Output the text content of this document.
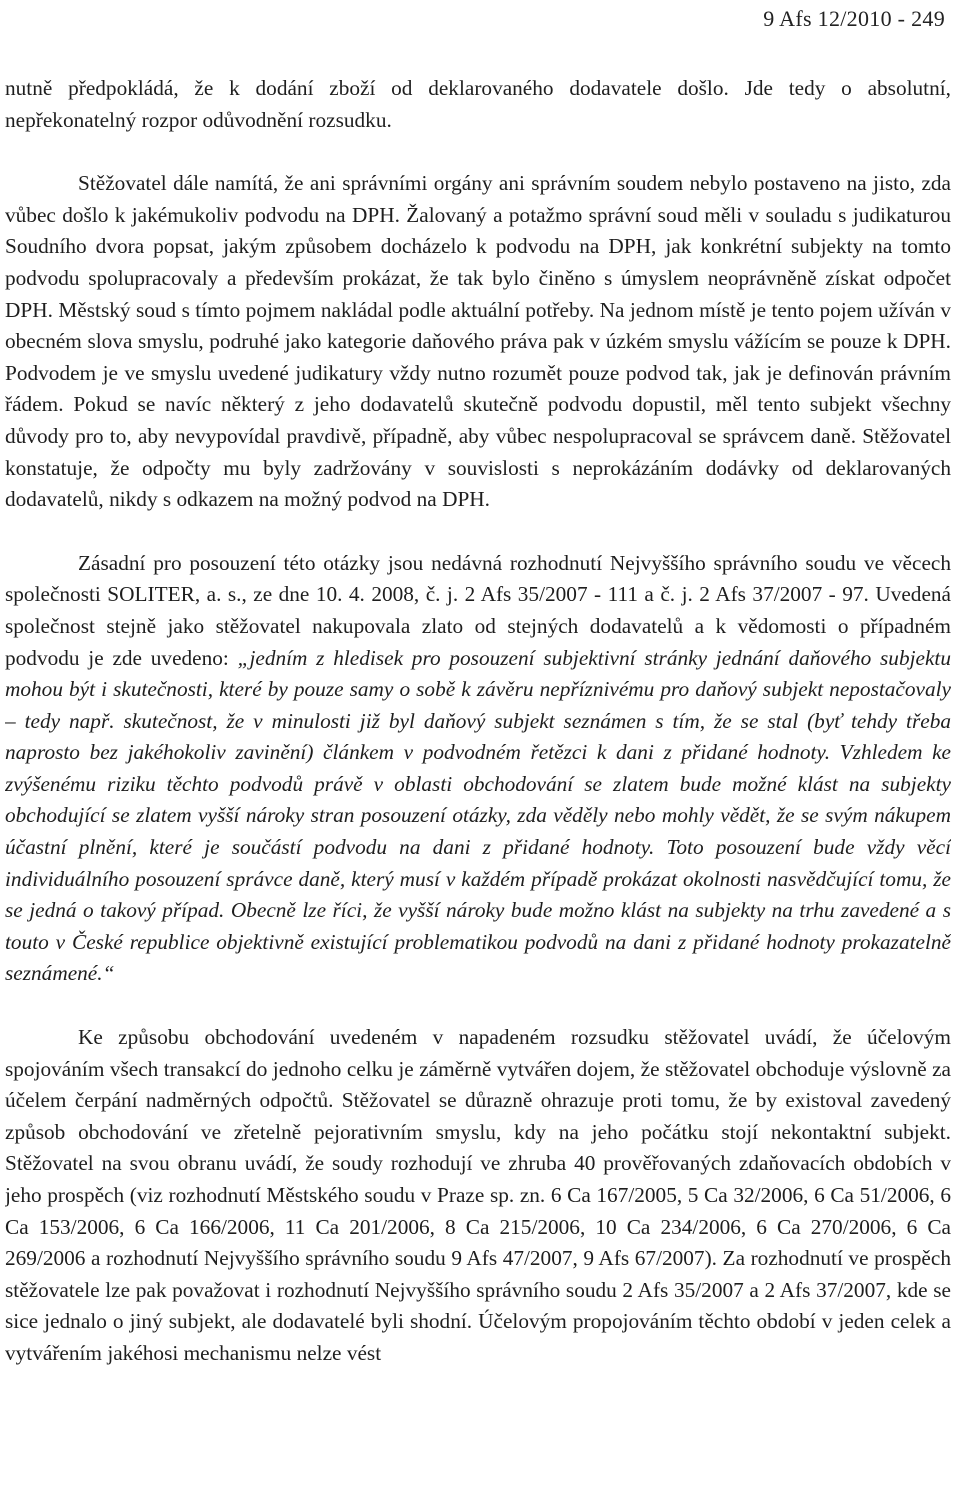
9 Afs 12/2010 - 249

nutně předpokládá, že k dodání zboží od deklarovaného dodavatele došlo. Jde tedy o absolutní, nepřekonatelný rozpor odůvodnění rozsudku.

Stěžovatel dále namítá, že ani správními orgány ani správním soudem nebylo postaveno na jisto, zda vůbec došlo k jakémukoliv podvodu na DPH. Žalovaný a potažmo správní soud měli v souladu s judikaturou Soudního dvora popsat, jakým způsobem docházelo k podvodu na DPH, jak konkrétní subjekty na tomto podvodu spolupracovaly a především prokázat, že tak bylo činěno s úmyslem neoprávněně získat odpočet DPH. Městský soud s tímto pojmem nakládal podle aktuální potřeby. Na jednom místě je tento pojem užíván v obecném slova smyslu, podruhé jako kategorie daňového práva pak v úzkém smyslu vážícím se pouze k DPH. Podvodem je ve smyslu uvedené judikatury vždy nutno rozumět pouze podvod tak, jak je definován právním řádem. Pokud se navíc některý z jeho dodavatelů skutečně podvodu dopustil, měl tento subjekt všechny důvody pro to, aby nevypovídal pravdivě, případně, aby vůbec nespolupracoval se správcem daně. Stěžovatel konstatuje, že odpočty mu byly zadržovány v souvislosti s neprokázáním dodávky od deklarovaných dodavatelů, nikdy s odkazem na možný podvod na DPH.

Zásadní pro posouzení této otázky jsou nedávná rozhodnutí Nejvyššího správního soudu ve věcech společnosti SOLITER, a. s., ze dne 10. 4. 2008, č. j. 2 Afs 35/2007 - 111 a č. j. 2 Afs 37/2007 - 97. Uvedená společnost stejně jako stěžovatel nakupovala zlato od stejných dodavatelů a k vědomosti o případném podvodu je zde uvedeno: „jedním z hledisek pro posouzení subjektivní stránky jednání daňového subjektu mohou být i skutečnosti, které by pouze samy o sobě k závěru nepříznivému pro daňový subjekt nepostačovaly – tedy např. skutečnost, že v minulosti již byl daňový subjekt seznámen s tím, že se stal (byť tehdy třeba naprosto bez jakéhokoliv zavinění) článkem v podvodném řetězci k dani z přidané hodnoty. Vzhledem ke zvýšenému riziku těchto podvodů právě v oblasti obchodování se zlatem bude možné klást na subjekty obchodující se zlatem vyšší nároky stran posouzení otázky, zda věděly nebo mohly vědět, že se svým nákupem účastní plnění, které je součástí podvodu na dani z přidané hodnoty. Toto posouzení bude vždy věcí individuálního posouzení správce daně, který musí v každém případě prokázat okolnosti nasvědčující tomu, že se jedná o takový případ. Obecně lze říci, že vyšší nároky bude možno klást na subjekty na trhu zavedené a s touto v České republice objektivně existující problematikou podvodů na dani z přidané hodnoty prokazatelně seznámené.“

Ke způsobu obchodování uvedeném v napadeném rozsudku stěžovatel uvádí, že účelovým spojováním všech transakcí do jednoho celku je záměrně vytvářen dojem, že stěžovatel obchoduje výslovně za účelem čerpání nadměrných odpočtů. Stěžovatel se důrazně ohrazuje proti tomu, že by existoval zavedený způsob obchodování ve zřetelně pejorativním smyslu, kdy na jeho počátku stojí nekontaktní subjekt. Stěžovatel na svou obranu uvádí, že soudy rozhodují ve zhruba 40 prověřovaných zdaňovacích obdobích v jeho prospěch (viz rozhodnutí Městského soudu v Praze sp. zn. 6 Ca 167/2005, 5 Ca 32/2006, 6 Ca 51/2006, 6 Ca 153/2006, 6 Ca 166/2006, 11 Ca 201/2006, 8 Ca 215/2006, 10 Ca 234/2006, 6 Ca 270/2006, 6 Ca 269/2006 a rozhodnutí Nejvyššího správního soudu 9 Afs 47/2007, 9 Afs 67/2007). Za rozhodnutí ve prospěch stěžovatele lze pak považovat i rozhodnutí Nejvyššího správního soudu 2 Afs 35/2007 a 2 Afs 37/2007, kde se sice jednalo o jiný subjekt, ale dodavatelé byli shodní. Účelovým propojováním těchto období v jeden celek a vytvářením jakéhosi mechanismu nelze vést
